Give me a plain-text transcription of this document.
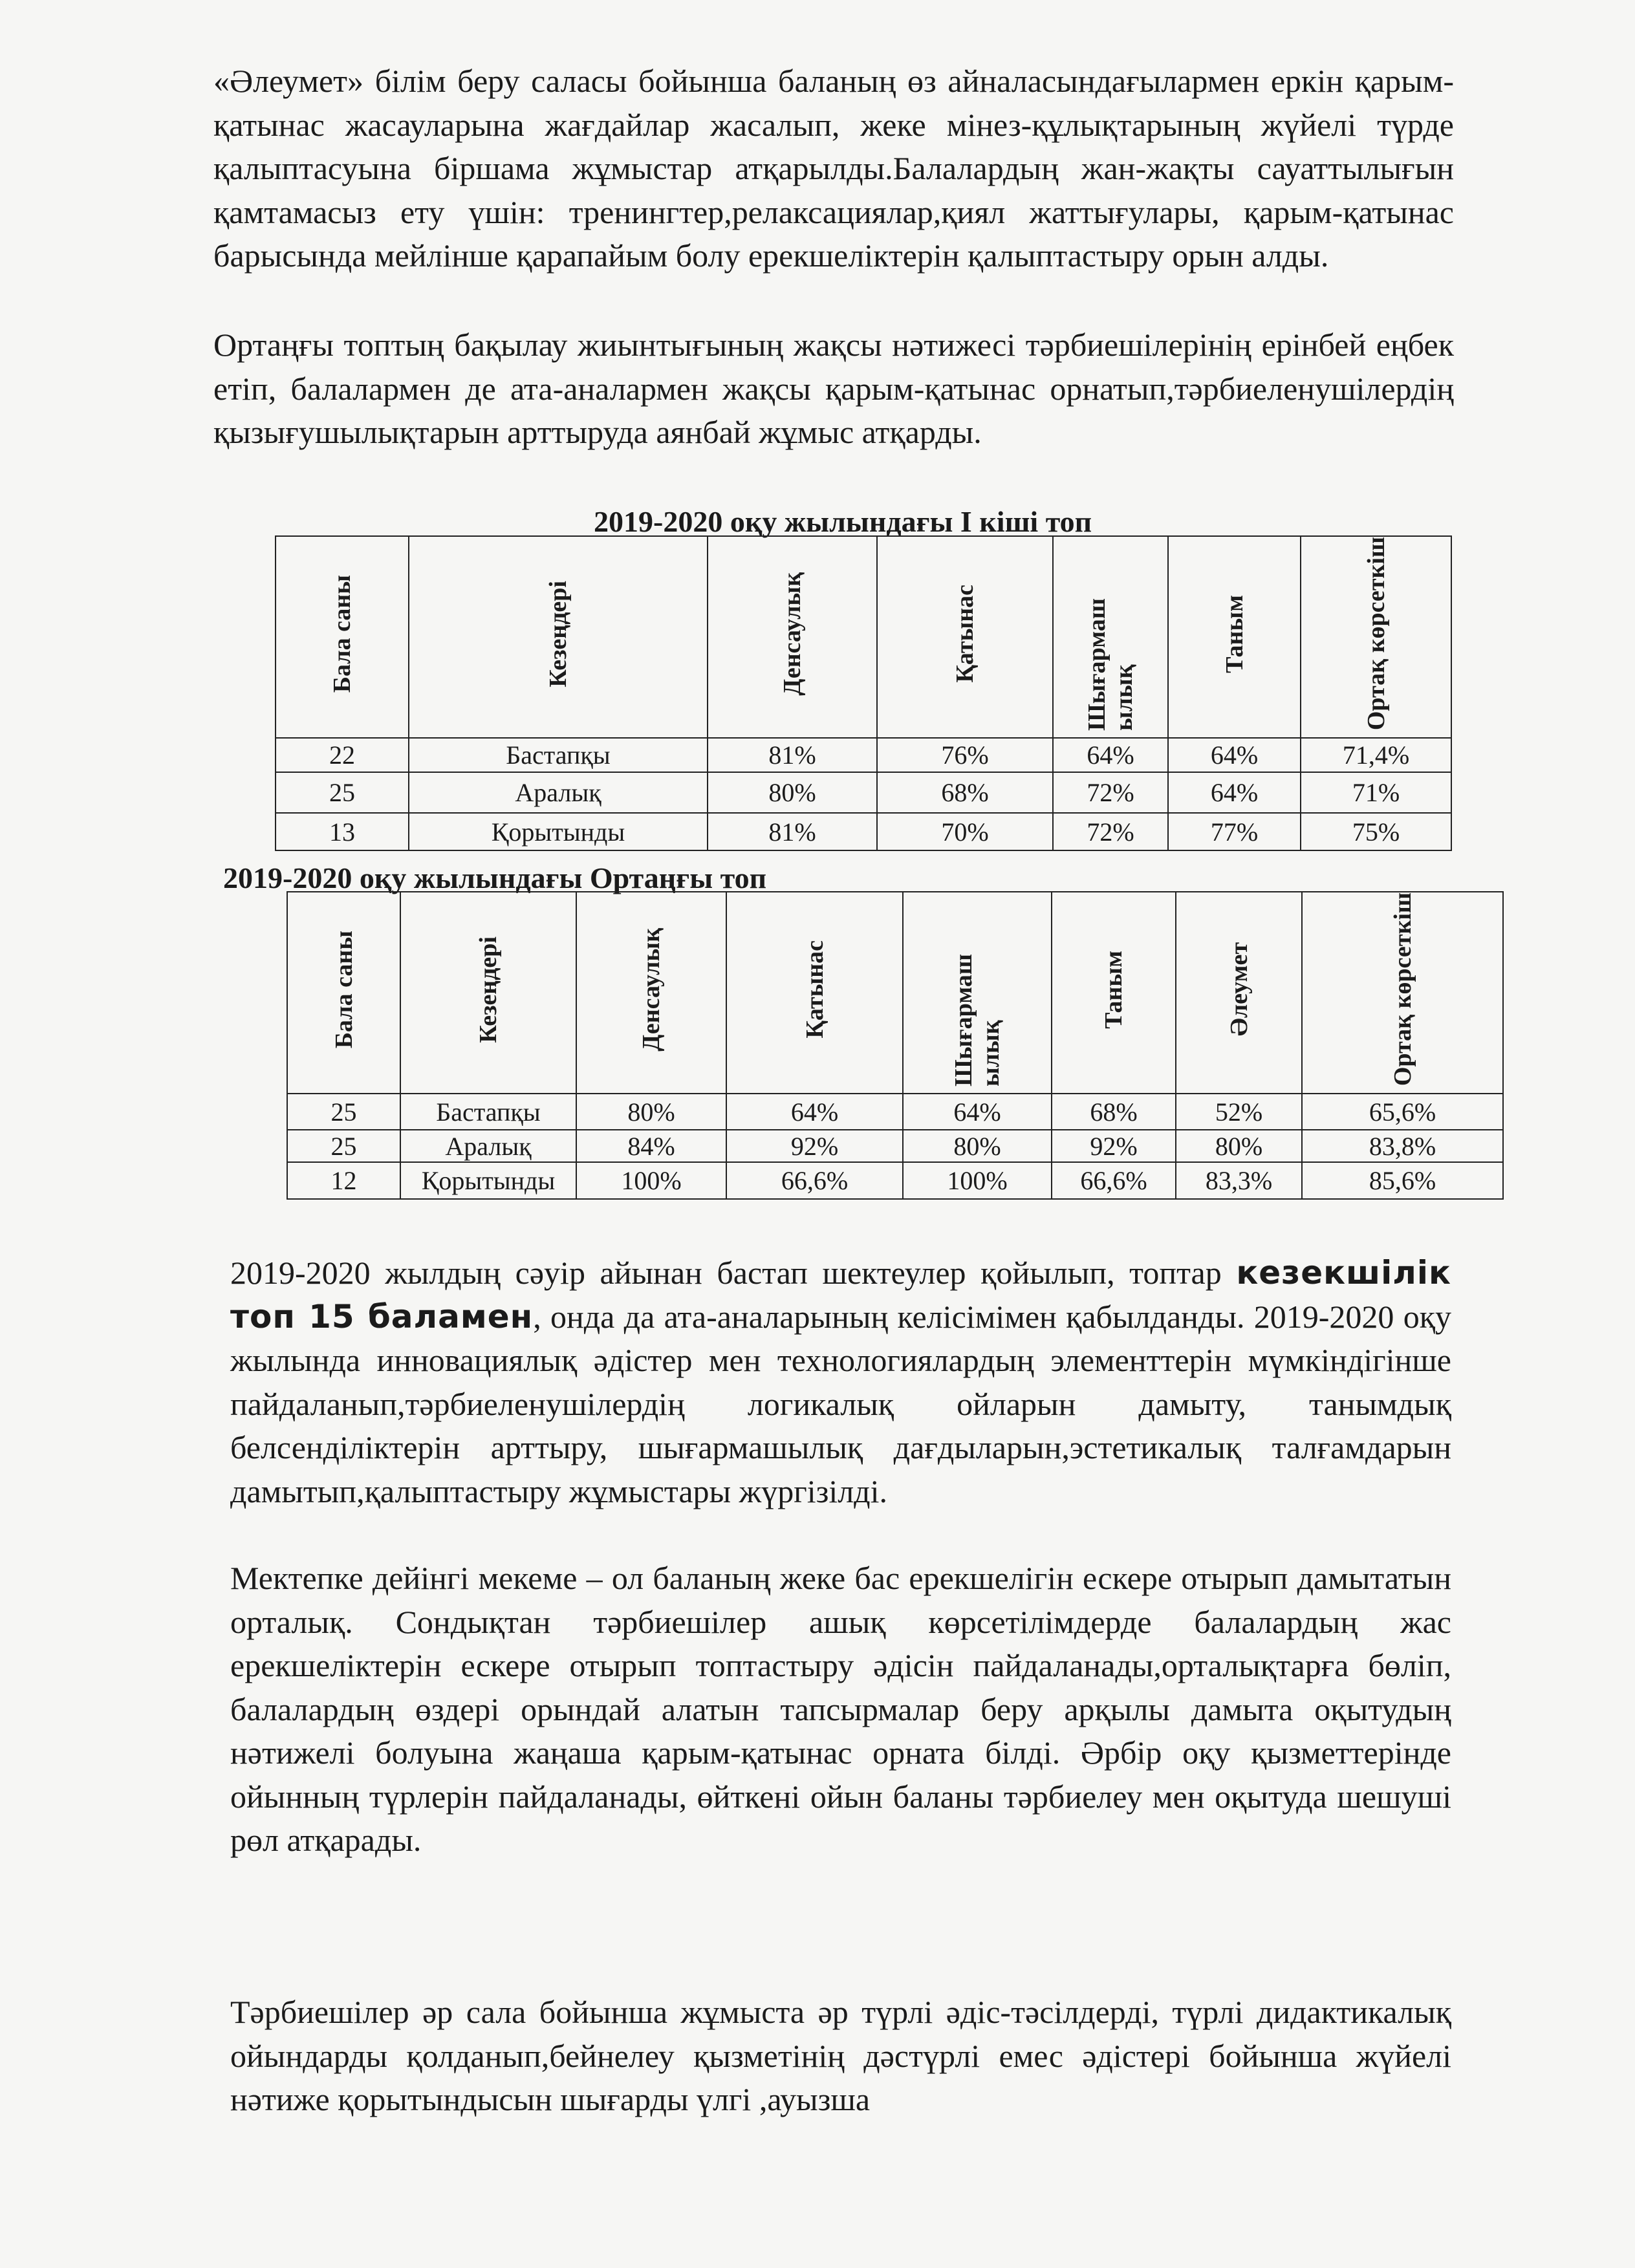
«Әлеумет» білім беру саласы бойынша баланың өз айналасындағылармен еркін қарым-қатынас жасауларына жағдайлар жасалып, жеке мінез-құлықтарының жүйелі түрде қалыптасуына біршама жұмыстар атқарылды.Балалардың жан-жақты сауаттылығын қамтамасыз ету үшін: тренингтер,релаксациялар,қиял жаттығулары, қарым-қатынас барысында мейлінше қарапайым болу ерекшеліктерін қалыптастыру орын алды.

Ортаңғы топтың бақылау жиынтығының жақсы нәтижесі тәрбиешілерінің ерінбей еңбек етіп, балалармен де ата-аналармен жақсы қарым-қатынас орнатып,тәрбиеленушілердің қызығушылықтарын арттыруда аянбай жұмыс атқарды.

2019-2020 оқу жылындағы I кіші топ
Бала саны	Кезеңдері	Денсаулық	Қатынас	Шығармаш ылық	Таным	Ортақ көрсеткіш
22	Бастапқы	81%	76%	64%	64%	71,4%
25	Аралық	80%	68%	72%	64%	71%
13	Қорытынды	81%	70%	72%	77%	75%
2019-2020 оқу жылындағы Ортаңғы топ
Бала саны	Кезеңдері	Денсаулық	Қатынас	Шығармаш ылық	Таным	Әлеумет	Ортақ көрсеткіш
25	Бастапқы	80%	64%	64%	68%	52%	65,6%
25	Аралық	84%	92%	80%	92%	80%	83,8%
12	Қорытынды	100%	66,6%	100%	66,6%	83,3%	85,6%

2019-2020 жылдың сәуір айынан бастап шектеулер қойылып, топтар кезекшілік топ 15 баламен, онда да ата-аналарының келісімімен қабылданды. 2019-2020 оқу жылында инновациялық әдістер мен технологиялардың элементтерін мүмкіндігінше пайдаланып,тәрбиеленушілердің логикалық ойларын дамыту, танымдық белсенділіктерін арттыру, шығармашылық дағдыларын,эстетикалық талғамдарын дамытып,қалыптастыру жұмыстары жүргізілді.

Мектепке дейінгі мекеме – ол баланың жеке бас ерекшелігін ескере отырып дамытатын орталық. Сондықтан тәрбиешілер ашық көрсетілімдерде балалардың жас ерекшеліктерін ескере отырып топтастыру әдісін пайдаланады,орталықтарға бөліп, балалардың өздері орындай алатын тапсырмалар беру арқылы дамыта оқытудың нәтижелі болуына жаңаша қарым-қатынас орната білді. Әрбір оқу қызметтерінде ойынның түрлерін пайдаланады, өйткені ойын баланы тәрбиелеу мен оқытуда шешуші рөл атқарады.

Тәрбиешілер әр сала бойынша жұмыста әр түрлі әдіс-тәсілдерді, түрлі дидактикалық ойындарды қолданып,бейнелеу қызметінің дәстүрлі емес әдістері бойынша жүйелі нәтиже қорытындысын шығарды үлгі ,ауызша
